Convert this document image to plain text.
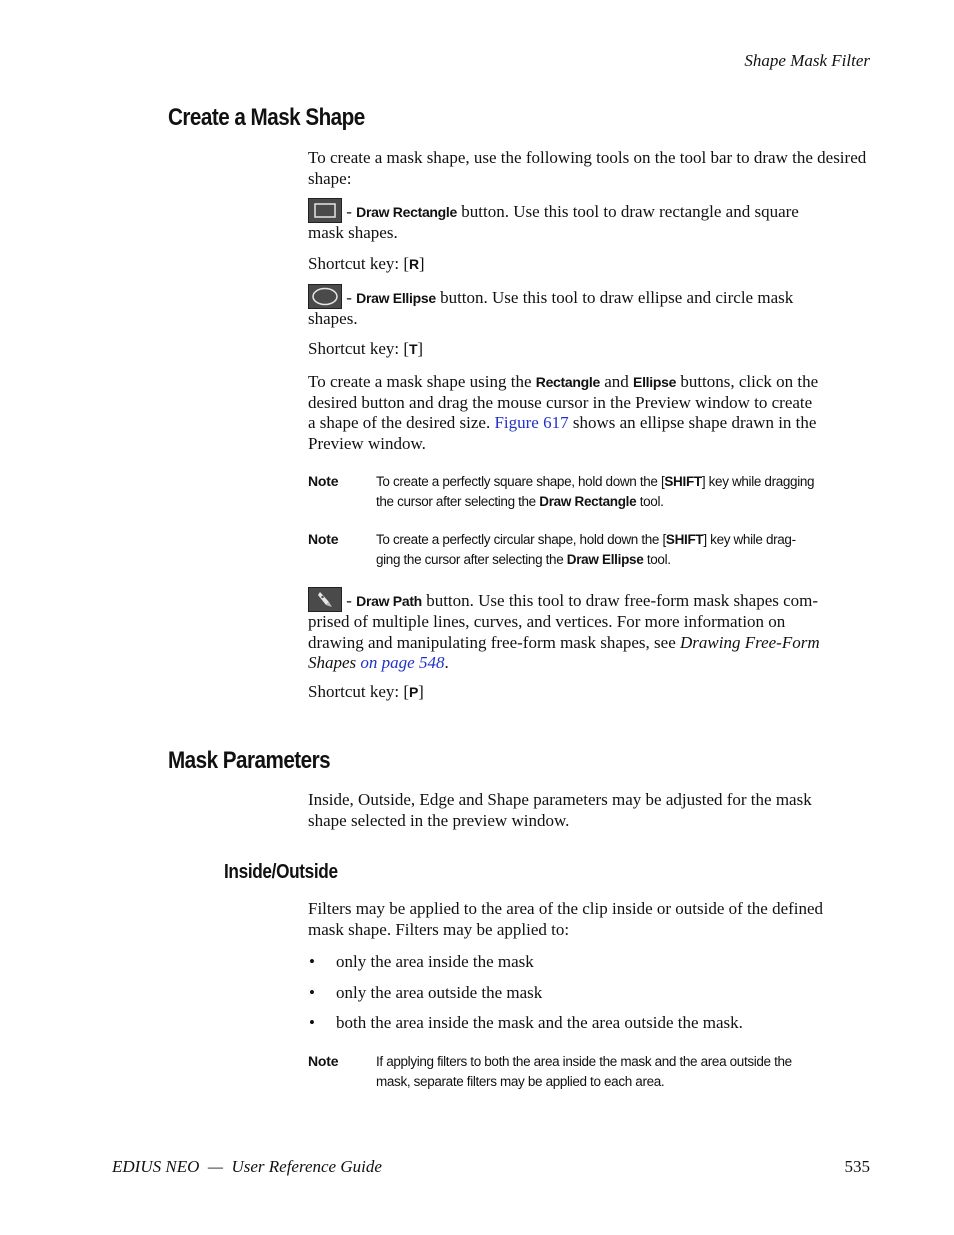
Shape Mask Filter
Create a Mask Shape
To create a mask shape, use the following tools on the tool bar to draw the desired shape:
- Draw Rectangle button. Use this tool to draw rectangle and square
mask shapes.
Shortcut key: [R]
- Draw Ellipse button. Use this tool to draw ellipse and circle mask
shapes.
Shortcut key: [T]
To create a mask shape using the Rectangle and Ellipse buttons, click on the
desired button and drag the mouse cursor in the Preview window to create
a shape of the desired size. Figure 617 shows an ellipse shape drawn in the
Preview window.
Note	To create a perfectly square shape, hold down the [SHIFT] key while dragging
the cursor after selecting the Draw Rectangle tool.
Note	To create a perfectly circular shape, hold down the [SHIFT] key while drag-
ging the cursor after selecting the Draw Ellipse tool.
- Draw Path button. Use this tool to draw free-form mask shapes com-
prised of multiple lines, curves, and vertices. For more information on
drawing and manipulating free-form mask shapes, see Drawing Free-Form
Shapes on page 548.
Shortcut key: [P]
Mask Parameters
Inside, Outside, Edge and Shape parameters may be adjusted for the mask
shape selected in the preview window.
Inside/Outside
Filters may be applied to the area of the clip inside or outside of the defined
mask shape. Filters may be applied to:
• only the area inside the mask
• only the area outside the mask
• both the area inside the mask and the area outside the mask.
Note	If applying filters to both the area inside the mask and the area outside the
mask, separate filters may be applied to each area.
EDIUS NEO  —  User Reference Guide	535
